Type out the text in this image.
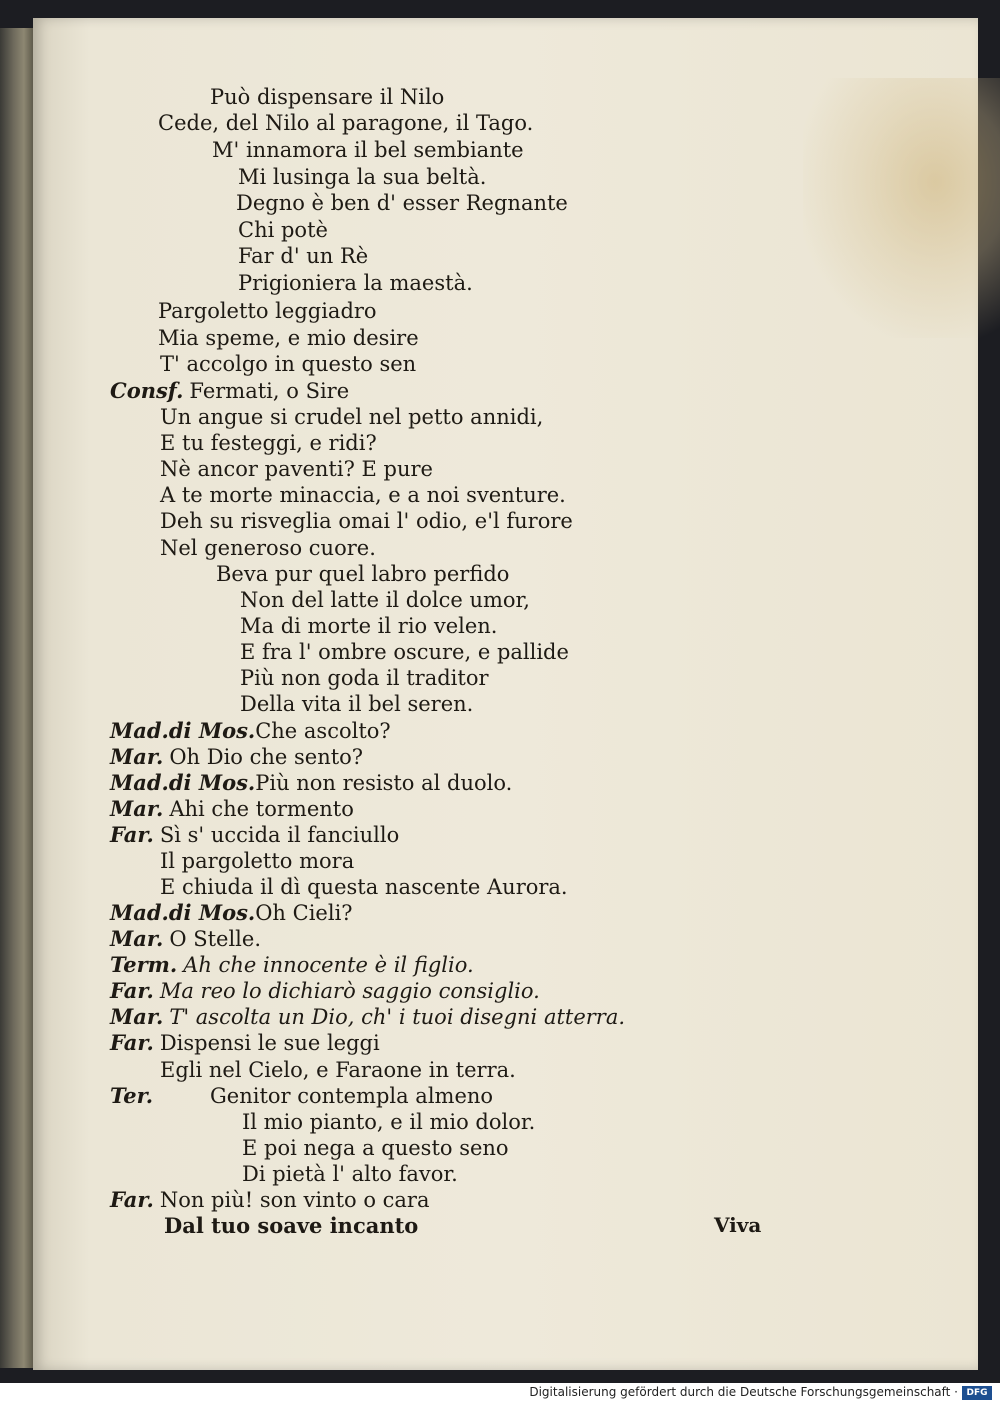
Può dispensare il Nilo
Cede, del Nilo al paragone, il Tago.
M' innamora il bel sembiante
Mi lusinga la sua beltà.
Degno è ben d' esser Regnante
Chi potè
Far d' un Rè
Prigioniera la maestà.
Pargoletto leggiadro
Mia speme, e mio desire
T' accolgo in questo sen
Consf. Fermati, o Sire
Un angue si crudel nel petto annidi,
E tu festeggi, e ridi?
Nè ancor paventi? E pure
A te morte minaccia, e a noi sventure.
Deh su risveglia omai l' odio, e'l furore
Nel generoso cuore.
Beva pur quel labro perfido
Non del latte il dolce umor,
Ma di morte il rio velen.
E fra l' ombre oscure, e pallide
Più non goda il traditor
Della vita il bel seren.
Mad.di Mos.Che ascolto?
Mar. Oh Dio che sento?
Mad.di Mos.Più non resisto al duolo.
Mar. Ahi che tormento
Far. Sì s' uccida il fanciullo
Il pargoletto mora
E chiuda il dì questa nascente Aurora.
Mad.di Mos.Oh Cieli?
Mar. O Stelle.
Term. Ah che innocente è il figlio.
Far. Ma reo lo dichiarò saggio consiglio.
Mar. T' ascolta un Dio, ch' i tuoi disegni atterra.
Far. Dispensi le sue leggi
Egli nel Cielo, e Faraone in terra.
Ter.	Genitor contempla almeno
Il mio pianto, e il mio dolor.
E poi nega a questo seno
Di pietà l' alto favor.
Far. Non più! son vinto o cara
Dal tuo soave incanto	Viva
Digitalisierung gefördert durch die Deutsche Forschungsgemeinschaft · DFG
